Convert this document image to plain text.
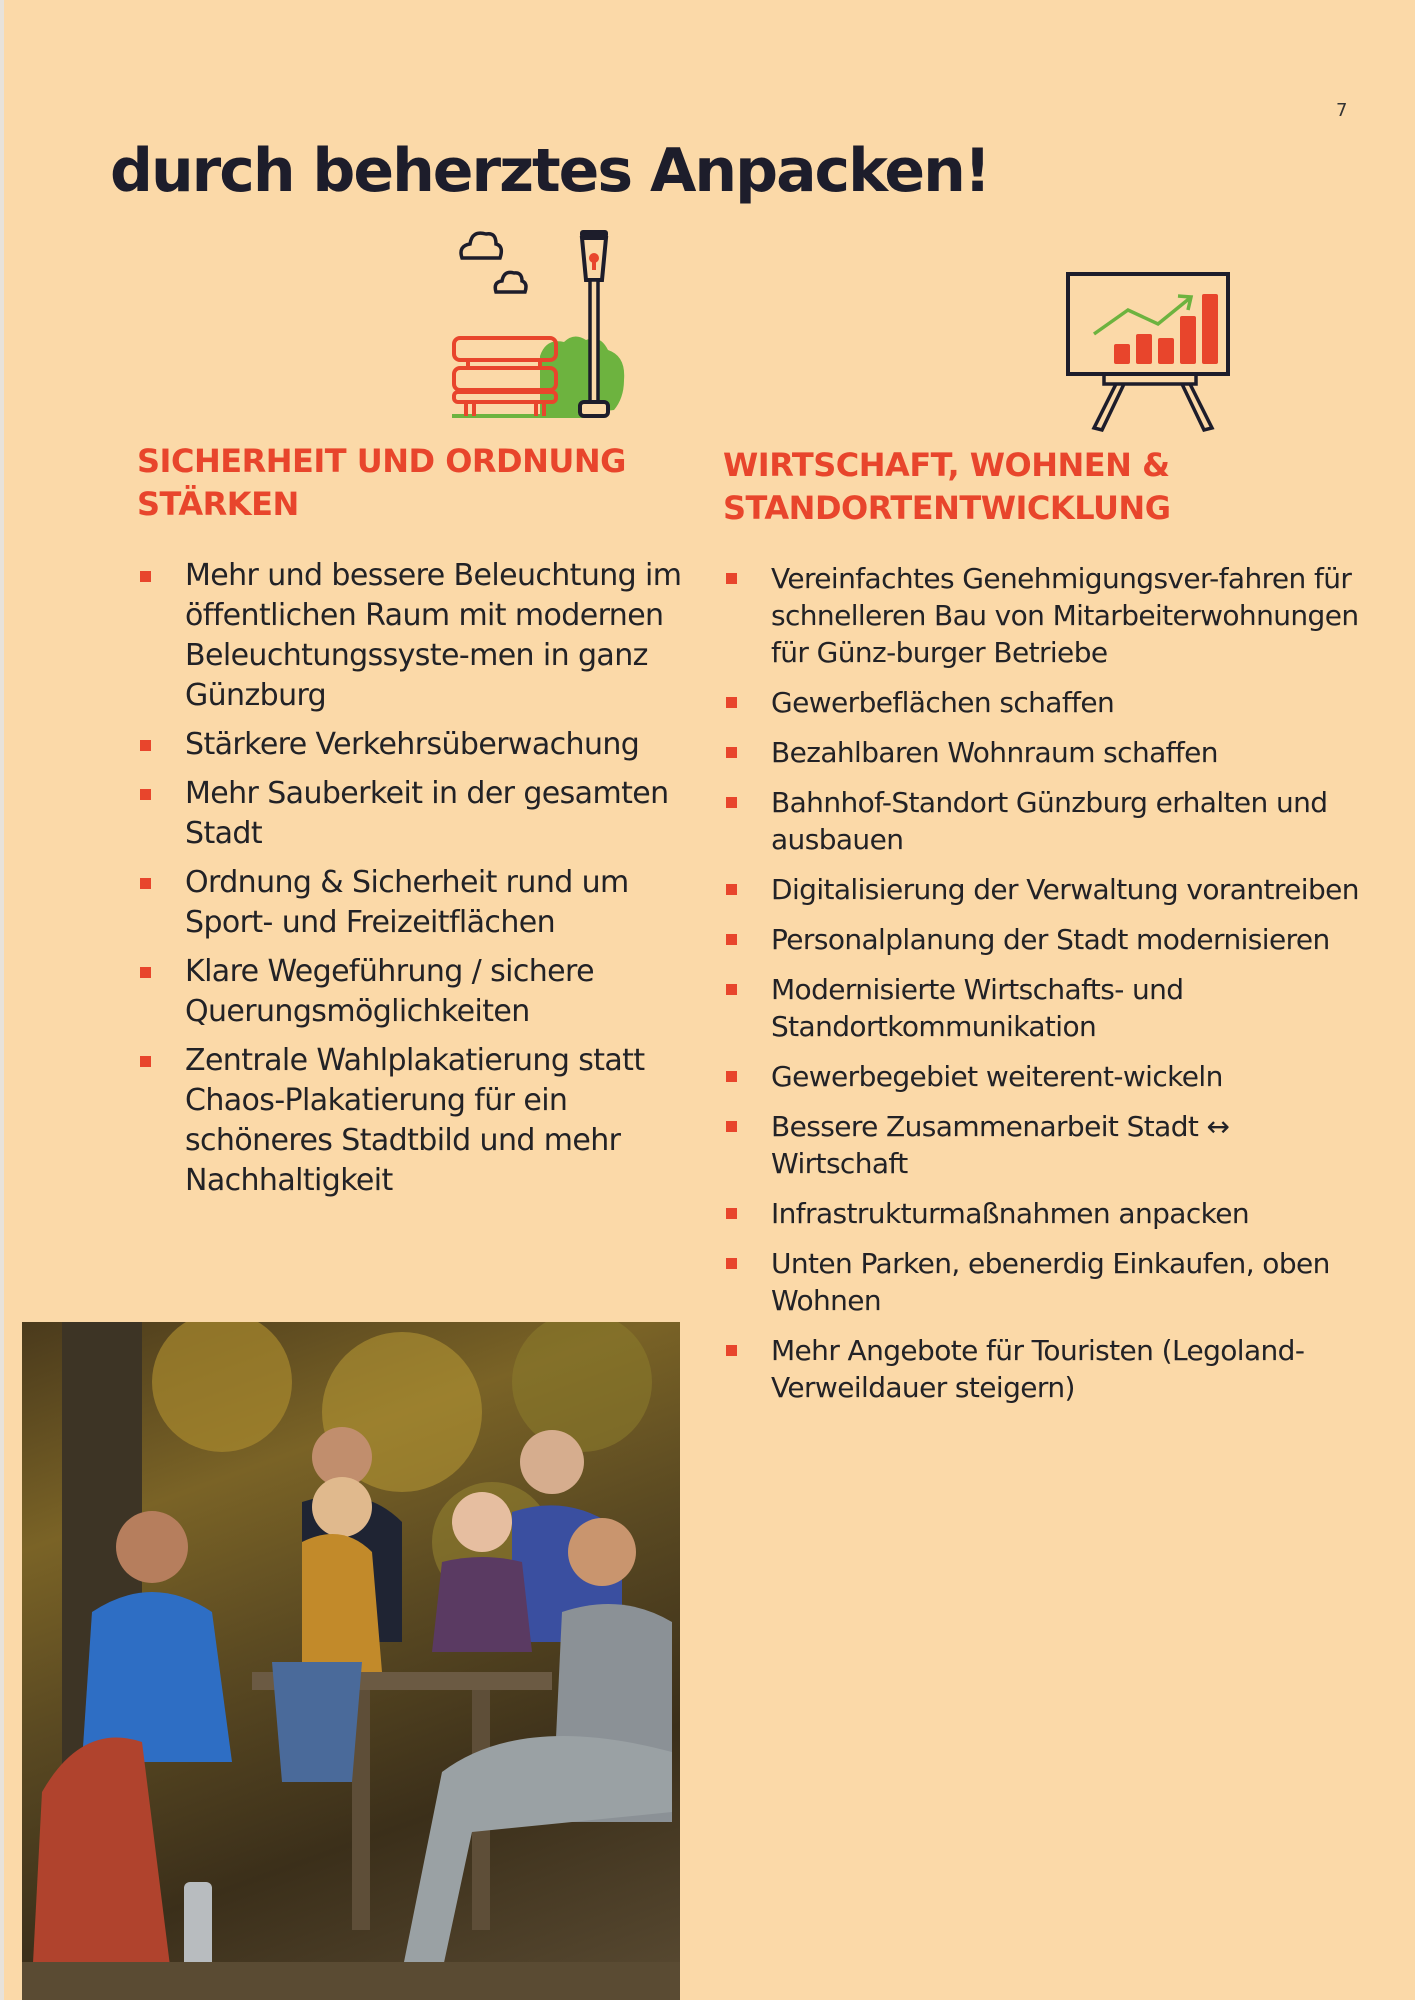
7
durch beherztes Anpacken!
SICHERHEIT UND ORDNUNG
STÄRKEN
Mehr und bessere Beleuchtung im öffentlichen Raum mit modernen Beleuchtungssyste-men in ganz Günzburg
Stärkere Verkehrsüberwachung
Mehr Sauberkeit in der gesamten Stadt
Ordnung & Sicherheit rund um Sport- und Freizeitflächen
Klare Wegeführung / sichere Querungsmöglichkeiten
Zentrale Wahlplakatierung statt Chaos-Plakatierung für ein schöneres Stadtbild und mehr Nachhaltigkeit
WIRTSCHAFT, WOHNEN &
STANDORTENTWICKLUNG
Vereinfachtes Genehmigungsver-fahren für schnelleren Bau von Mitarbeiterwohnungen für Günz-burger Betriebe
Gewerbeflächen schaffen
Bezahlbaren Wohnraum schaffen
Bahnhof-Standort Günzburg erhalten und ausbauen
Digitalisierung der Verwaltung vorantreiben
Personalplanung der Stadt modernisieren
Modernisierte Wirtschafts- und Standortkommunikation
Gewerbegebiet weiterent-wickeln
Bessere Zusammenarbeit Stadt ↔ Wirtschaft
Infrastrukturmaßnahmen anpacken
Unten Parken, ebenerdig Einkaufen, oben Wohnen
Mehr Angebote für Touristen (Legoland-Verweildauer steigern)
